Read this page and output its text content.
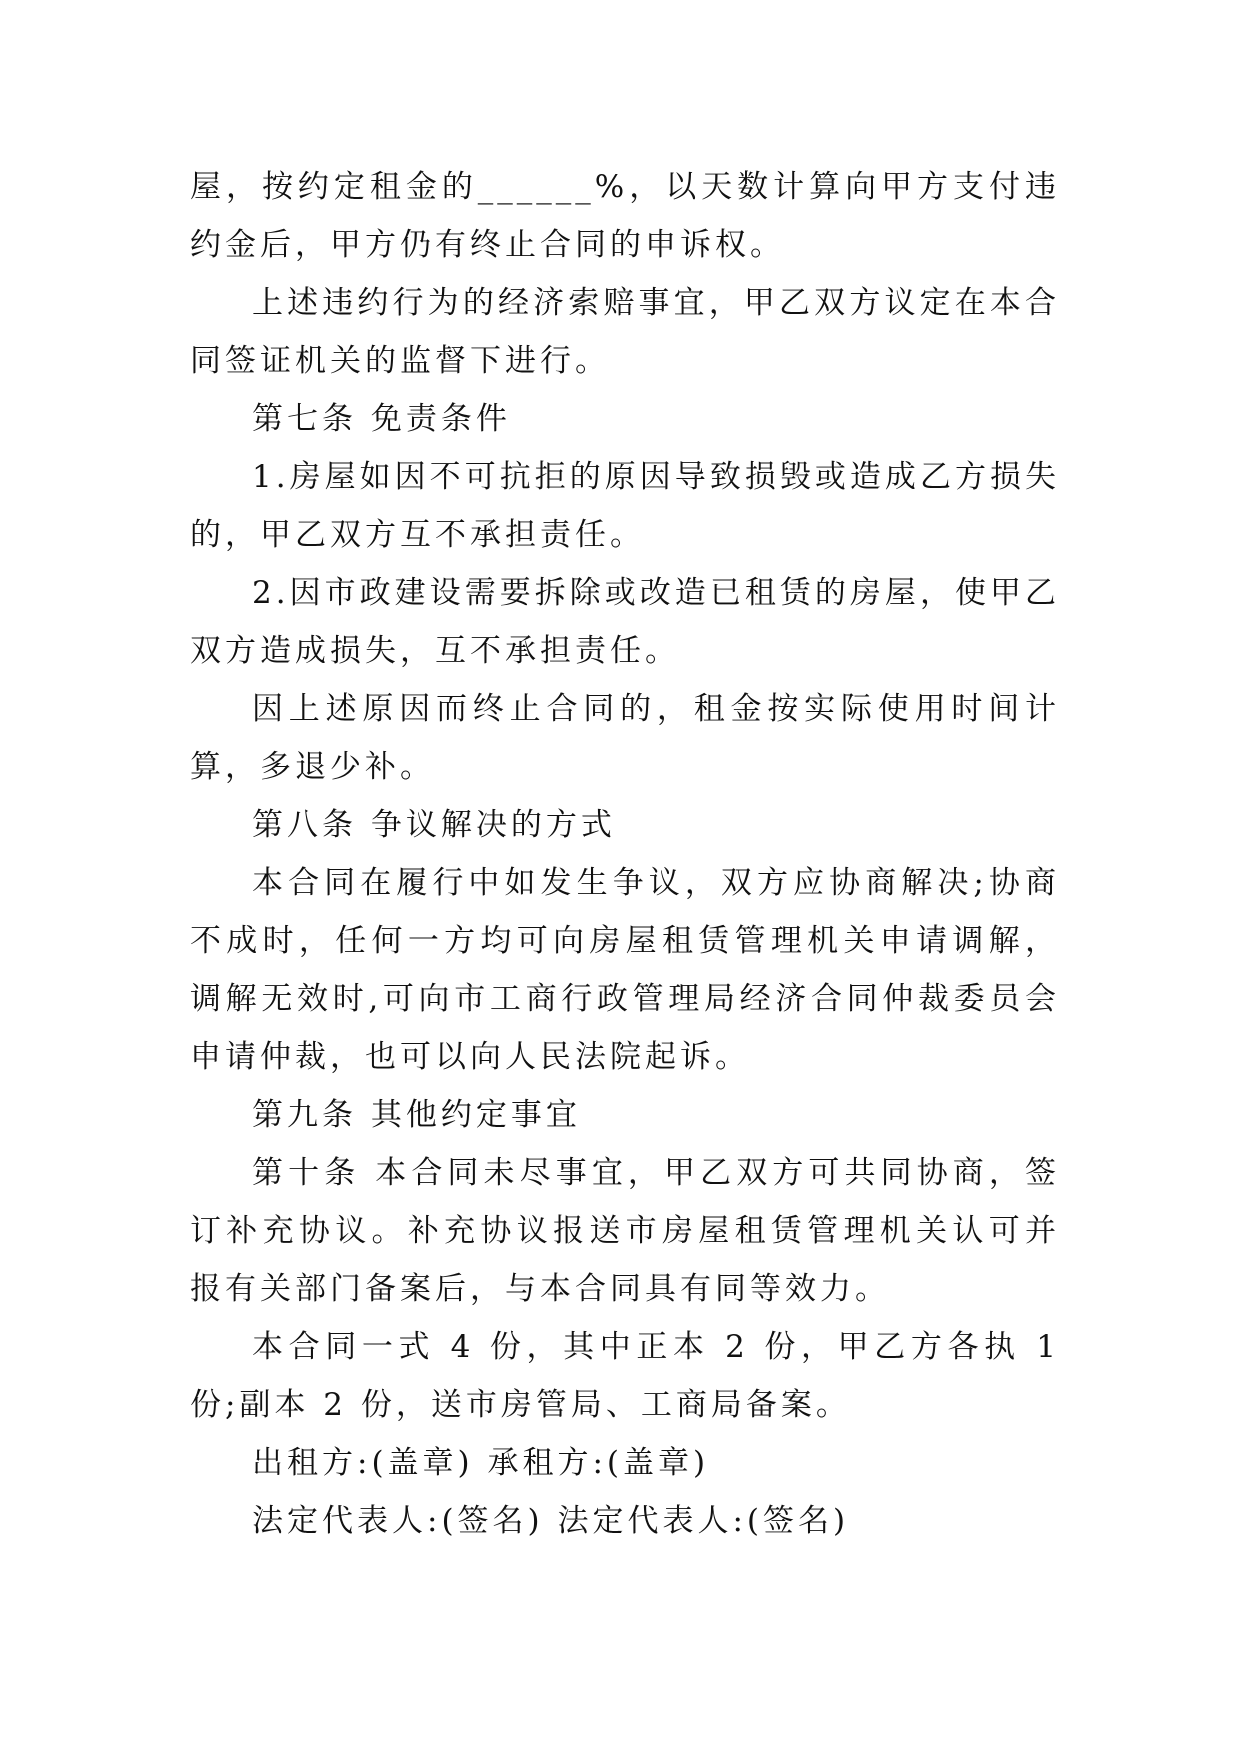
屋，按约定租金的______%，以天数计算向甲方支付违约金后，甲方仍有终止合同的申诉权。

上述违约行为的经济索赔事宜，甲乙双方议定在本合同签证机关的监督下进行。

第七条 免责条件

1.房屋如因不可抗拒的原因导致损毁或造成乙方损失的，甲乙双方互不承担责任。

2.因市政建设需要拆除或改造已租赁的房屋，使甲乙双方造成损失，互不承担责任。

因上述原因而终止合同的，租金按实际使用时间计算，多退少补。

第八条 争议解决的方式

本合同在履行中如发生争议，双方应协商解决;协商不成时，任何一方均可向房屋租赁管理机关申请调解，调解无效时,可向市工商行政管理局经济合同仲裁委员会申请仲裁，也可以向人民法院起诉。

第九条 其他约定事宜

第十条 本合同未尽事宜，甲乙双方可共同协商，签订补充协议。补充协议报送市房屋租赁管理机关认可并报有关部门备案后，与本合同具有同等效力。

本合同一式 4 份，其中正本 2 份，甲乙方各执 1 份;副本 2 份，送市房管局、工商局备案。

出租方:(盖章) 承租方:(盖章)

法定代表人:(签名) 法定代表人:(签名)
